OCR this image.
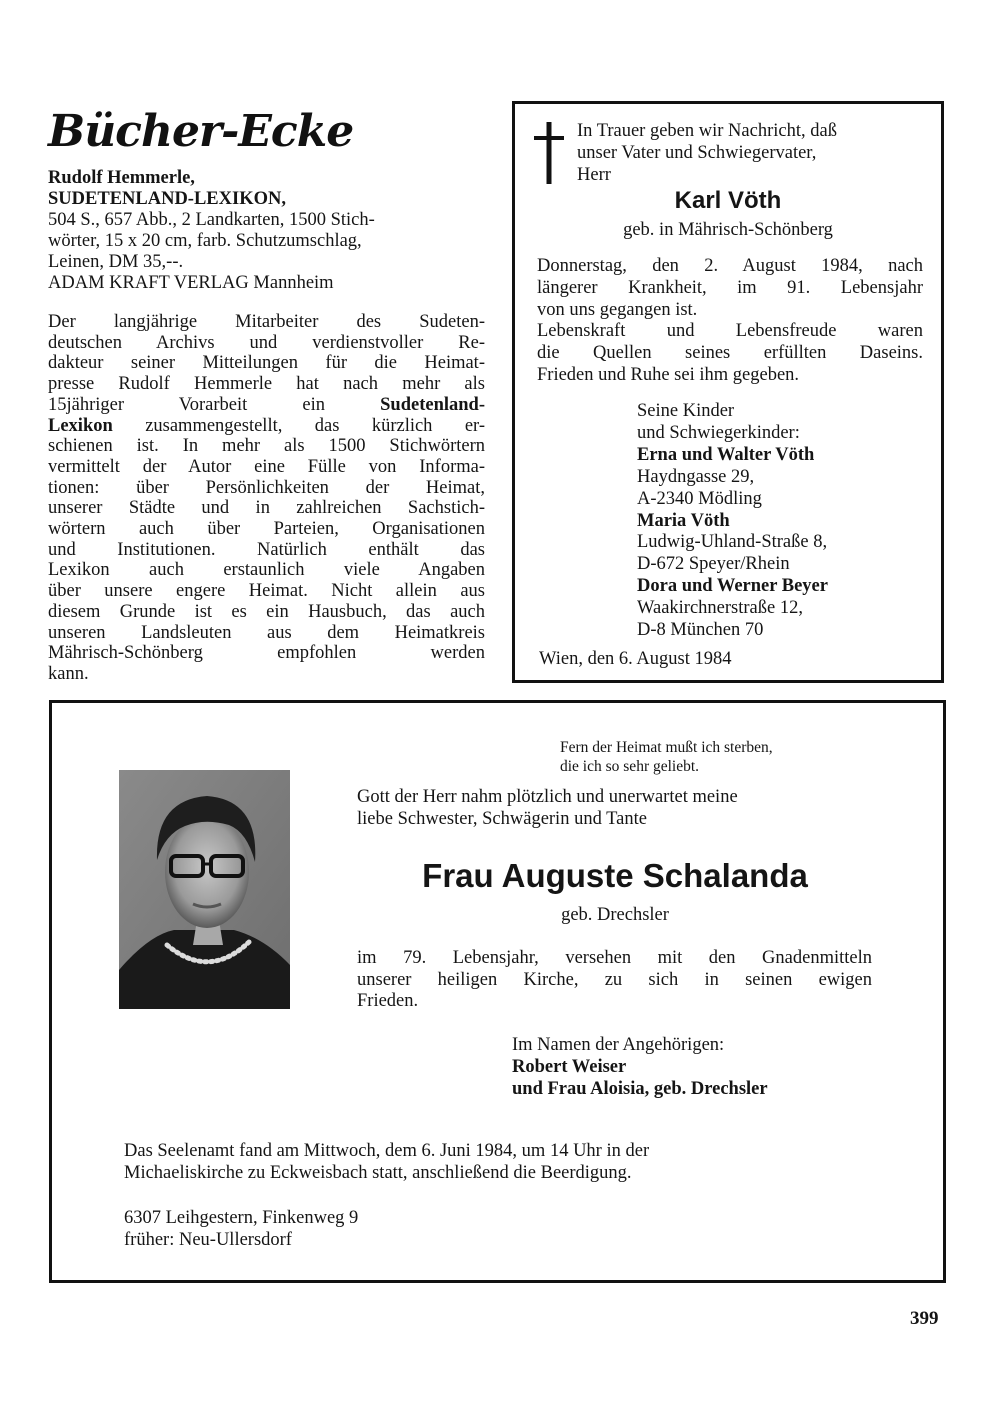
Bücher-Ecke
Rudolf Hemmerle,
SUDETENLAND-LEXIKON,
504 S., 657 Abb., 2 Landkarten, 1500 Stich-
wörter, 15 x 20 cm, farb. Schutzumschlag,
Leinen, DM 35,--.
ADAM KRAFT VERLAG Mannheim
Der langjährige Mitarbeiter des Sudeten-
deutschen Archivs und verdienstvoller Re-
dakteur seiner Mitteilungen für die Heimat-
presse Rudolf Hemmerle hat nach mehr als
15jähriger Vorarbeit ein	Sudetenland-
Lexikon zusammengestellt, das kürzlich er-
schienen ist. In mehr als 1500 Stichwörtern
vermittelt der Autor eine Fülle von Informa-
tionen: über Persönlichkeiten der Heimat,
unserer Städte und in zahlreichen Sachstich-
wörtern auch über Parteien, Organisationen
und Institutionen. Natürlich enthält das
Lexikon auch erstaunlich viele Angaben
über unsere engere Heimat. Nicht allein aus
diesem Grunde ist es ein Hausbuch, das auch
unseren Landsleuten aus dem Heimatkreis
Mährisch-Schönberg empfohlen werden
kann.
In Trauer geben wir Nachricht, daß
unser Vater und Schwiegervater,
Herr
Karl Vöth
geb. in Mährisch-Schönberg
Donnerstag, den 2. August 1984, nach
längerer Krankheit, im 91. Lebensjahr
von uns gegangen ist.
Lebenskraft und Lebensfreude waren
die Quellen seines erfüllten Daseins.
Frieden und Ruhe sei ihm gegeben.
Seine Kinder
und Schwiegerkinder:
Erna und Walter Vöth
Haydngasse 29,
A-2340 Mödling
Maria Vöth
Ludwig-Uhland-Straße 8,
D-672 Speyer/Rhein
Dora und Werner Beyer
Waakirchnerstraße 12,
D-8 München 70
Wien, den 6. August 1984
Fern der Heimat mußt ich sterben,
die ich so sehr geliebt.
Gott der Herr nahm plötzlich und unerwartet meine
liebe Schwester, Schwägerin und Tante
Frau Auguste Schalanda
geb. Drechsler
im 79. Lebensjahr, versehen mit den Gnadenmitteln
unserer heiligen Kirche, zu sich in seinen ewigen
Frieden.
Im Namen der Angehörigen:
Robert Weiser
und Frau Aloisia, geb. Drechsler
Das Seelenamt fand am Mittwoch, dem 6. Juni 1984, um 14 Uhr in der
Michaeliskirche zu Eckweisbach statt, anschließend die Beerdigung.
6307 Leihgestern, Finkenweg 9
früher: Neu-Ullersdorf
399
